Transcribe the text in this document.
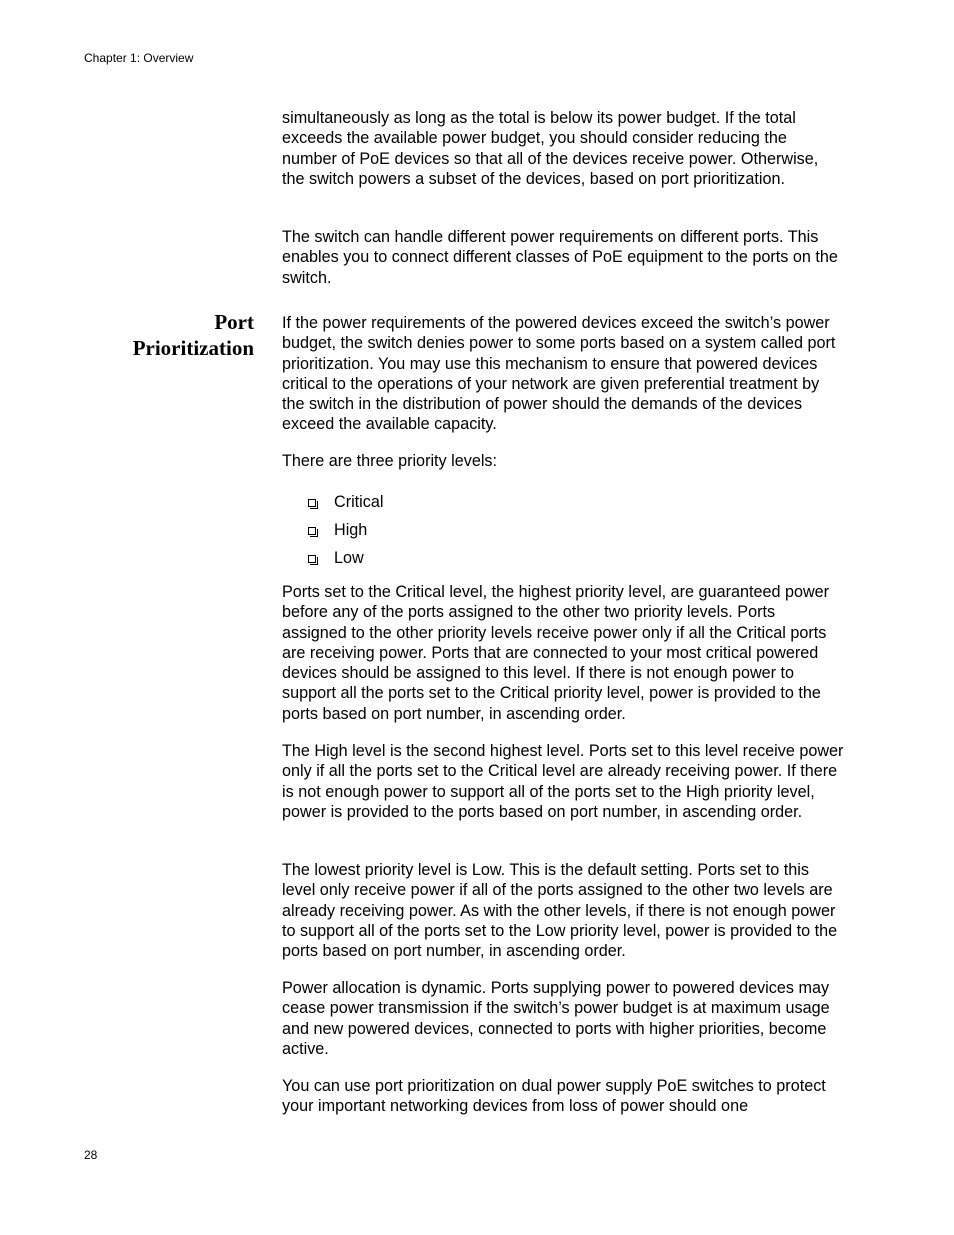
Chapter 1: Overview

simultaneously as long as the total is below its power budget. If the total exceeds the available power budget, you should consider reducing the number of PoE devices so that all of the devices receive power. Otherwise, the switch powers a subset of the devices, based on port prioritization.

The switch can handle different power requirements on different ports. This enables you to connect different classes of PoE equipment to the ports on the switch.

Port
Prioritization

If the power requirements of the powered devices exceed the switch’s power budget, the switch denies power to some ports based on a system called port prioritization. You may use this mechanism to ensure that powered devices critical to the operations of your network are given preferential treatment by the switch in the distribution of power should the demands of the devices exceed the available capacity.

There are three priority levels:

Critical
High
Low

Ports set to the Critical level, the highest priority level, are guaranteed power before any of the ports assigned to the other two priority levels. Ports assigned to the other priority levels receive power only if all the Critical ports are receiving power. Ports that are connected to your most critical powered devices should be assigned to this level. If there is not enough power to support all the ports set to the Critical priority level, power is provided to the ports based on port number, in ascending order.

The High level is the second highest level. Ports set to this level receive power only if all the ports set to the Critical level are already receiving power. If there is not enough power to support all of the ports set to the High priority level, power is provided to the ports based on port number, in ascending order.

The lowest priority level is Low. This is the default setting. Ports set to this level only receive power if all of the ports assigned to the other two levels are already receiving power. As with the other levels, if there is not enough power to support all of the ports set to the Low priority level, power is provided to the ports based on port number, in ascending order.

Power allocation is dynamic. Ports supplying power to powered devices may cease power transmission if the switch’s power budget is at maximum usage and new powered devices, connected to ports with higher priorities, become active.

You can use port prioritization on dual power supply PoE switches to protect your important networking devices from loss of power should one

28
